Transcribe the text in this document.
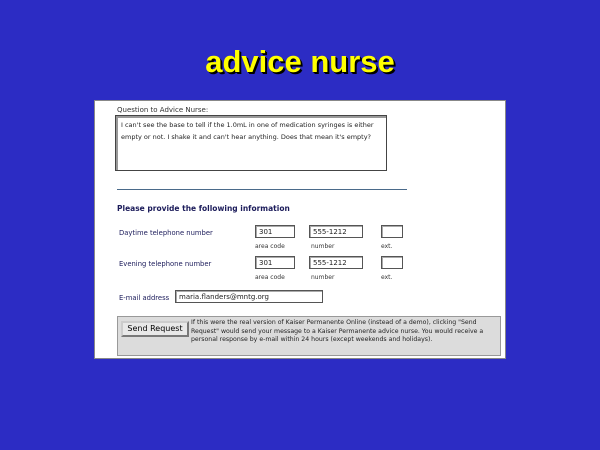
advice nurse
Question to Advice Nurse:
I can't see the base to tell if the 1.0mL in one of medication syringes is either empty or not. I shake it and can't hear anything. Does that mean it's empty?
Please provide the following information
Daytime telephone number	301	555-1212
area code	number	ext.
Evening telephone number	301	555-1212
area code	number	ext.
E-mail address	maria.flanders@mntg.org
Send Request
If this were the real version of Kaiser Permanente Online (instead of a demo), clicking "Send Request" would send your message to a Kaiser Permanente advice nurse. You would receive a personal response by e-mail within 24 hours (except weekends and holidays).
